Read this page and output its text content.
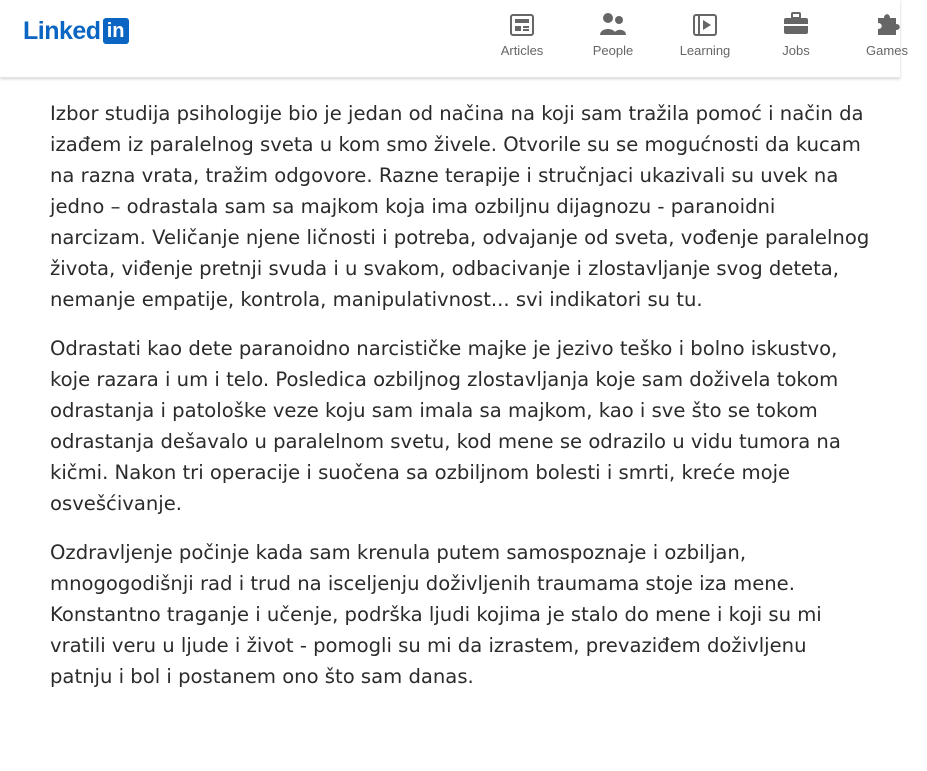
Linked in
Articles	People	Learning	Jobs	Games

Izbor studija psihologije bio je jedan od načina na koji sam tražila pomoć i način da
izađem iz paralelnog sveta u kom smo živele. Otvorile su se mogućnosti da kucam
na razna vrata, tražim odgovore. Razne terapije i stručnjaci ukazivali su uvek na
jedno – odrastala sam sa majkom koja ima ozbiljnu dijagnozu - paranoidni
narcizam. Veličanje njene ličnosti i potreba, odvajanje od sveta, vođenje paralelnog
života, viđenje pretnji svuda i u svakom, odbacivanje i zlostavljanje svog deteta,
nemanje empatije, kontrola, manipulativnost... svi indikatori su tu.

Odrastati kao dete paranoidno narcističke majke je jezivo teško i bolno iskustvo,
koje razara i um i telo. Posledica ozbiljnog zlostavljanja koje sam doživela tokom
odrastanja i patološke veze koju sam imala sa majkom, kao i sve što se tokom
odrastanja dešavalo u paralelnom svetu, kod mene se odrazilo u vidu tumora na
kičmi. Nakon tri operacije i suočena sa ozbiljnom bolesti i smrti, kreće moje
osvešćivanje.

Ozdravljenje počinje kada sam krenula putem samospoznaje i ozbiljan,
mnogogodišnji rad i trud na isceljenju doživljenih traumama stoje iza mene.
Konstantno traganje i učenje, podrška ljudi kojima je stalo do mene i koji su mi
vratili veru u ljude i život - pomogli su mi da izrastem, prevaziđem doživljenu
patnju i bol i postanem ono što sam danas.
